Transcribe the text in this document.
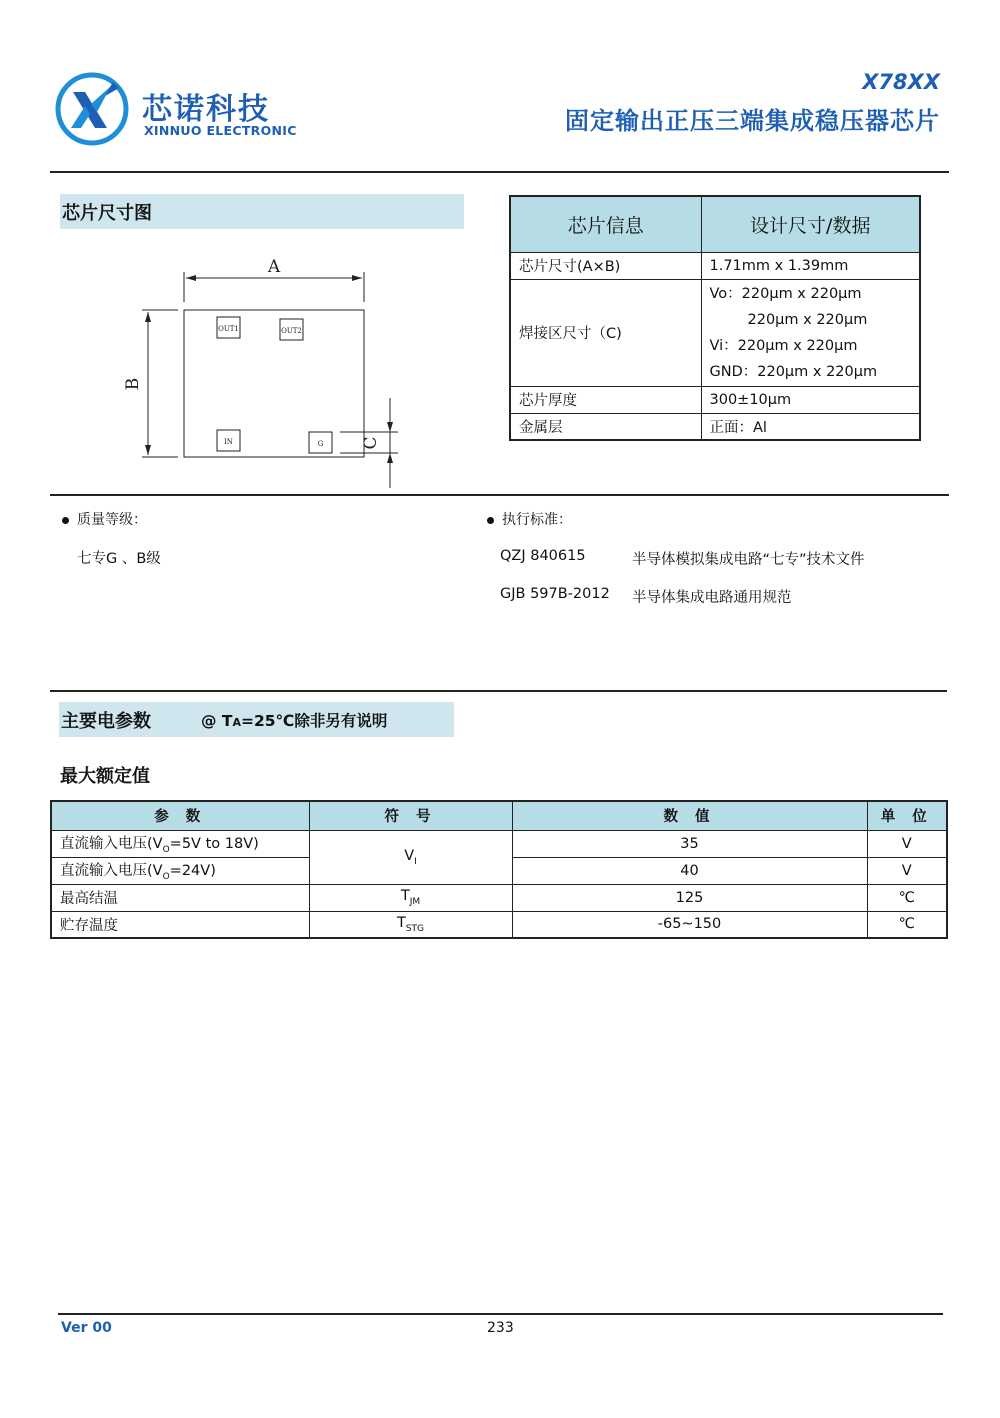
芯诺科技
XINNUO ELECTRONIC
X78XX
固定输出正压三端集成稳压器芯片
芯片尺寸图
A
B
C
OUT1	OUT2
IN	G
芯片信息	设计尺寸/数据
芯片尺寸(A×B)	1.71mm x 1.39mm
焊接区尺寸（C)	Vo：220μm x 220μm
220μm x 220μm
Vi：220μm x 220μm
GND：220μm x 220μm

芯片厚度	300±10μm
金属层	正面：Al
质量等级：
七专G 、B级
执行标准：
QZJ 840615	半导体模拟集成电路“七专”技术文件
GJB 597B-2012 半导体集成电路通用规范
主要电参数	@ TA=25℃除非另有说明
最大额定值
参 数	符 号	数 值	单 位
直流输入电压($V_O=5V$ to 18V)	$V_I$	35	V
直流输入电压$(V_O=24V)$		40	V
最高结温	$T_{JM}$	125	℃
贮存温度	$T_{STG}$	-65~150	℃
Ver 00	233
